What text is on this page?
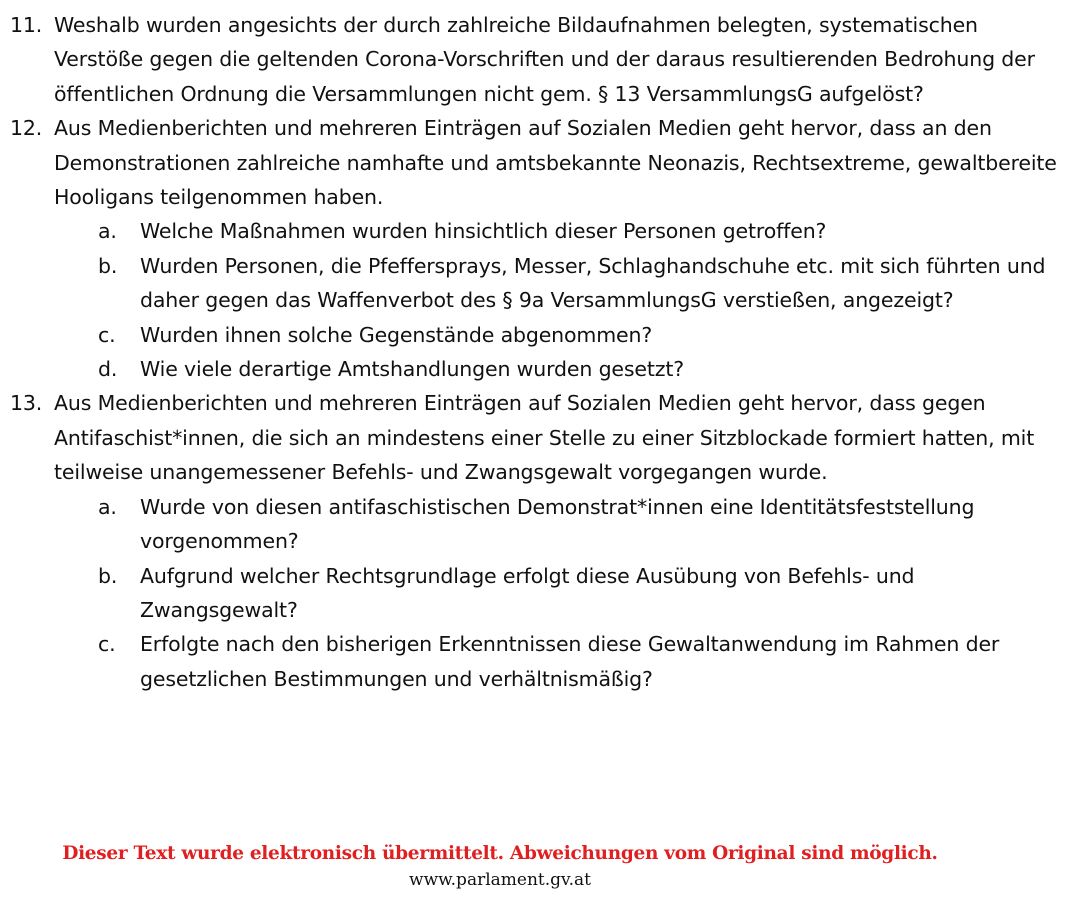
11. Weshalb wurden angesichts der durch zahlreiche Bildaufnahmen belegten, systematischen Verstöße gegen die geltenden Corona-Vorschriften und der daraus resultierenden Bedrohung der öffentlichen Ordnung die Versammlungen nicht gem. § 13 VersammlungsG aufgelöst?
12. Aus Medienberichten und mehreren Einträgen auf Sozialen Medien geht hervor, dass an den Demonstrationen zahlreiche namhafte und amtsbekannte Neonazis, Rechtsextreme, gewaltbereite Hooligans teilgenommen haben.
a. Welche Maßnahmen wurden hinsichtlich dieser Personen getroffen?
b. Wurden Personen, die Pfeffersprays, Messer, Schlaghandschuhe etc. mit sich führten und daher gegen das Waffenverbot des § 9a VersammlungsG verstießen, angezeigt?
c. Wurden ihnen solche Gegenstände abgenommen?
d. Wie viele derartige Amtshandlungen wurden gesetzt?
13. Aus Medienberichten und mehreren Einträgen auf Sozialen Medien geht hervor, dass gegen Antifaschist*innen, die sich an mindestens einer Stelle zu einer Sitzblockade formiert hatten, mit teilweise unangemessener Befehls- und Zwangsgewalt vorgegangen wurde.
a. Wurde von diesen antifaschistischen Demonstrat*innen eine Identitätsfeststellung vorgenommen?
b. Aufgrund welcher Rechtsgrundlage erfolgt diese Ausübung von Befehls- und Zwangsgewalt?
c. Erfolgte nach den bisherigen Erkenntnissen diese Gewaltanwendung im Rahmen der gesetzlichen Bestimmungen und verhältnismäßig?
Dieser Text wurde elektronisch übermittelt. Abweichungen vom Original sind möglich.
www.parlament.gv.at
